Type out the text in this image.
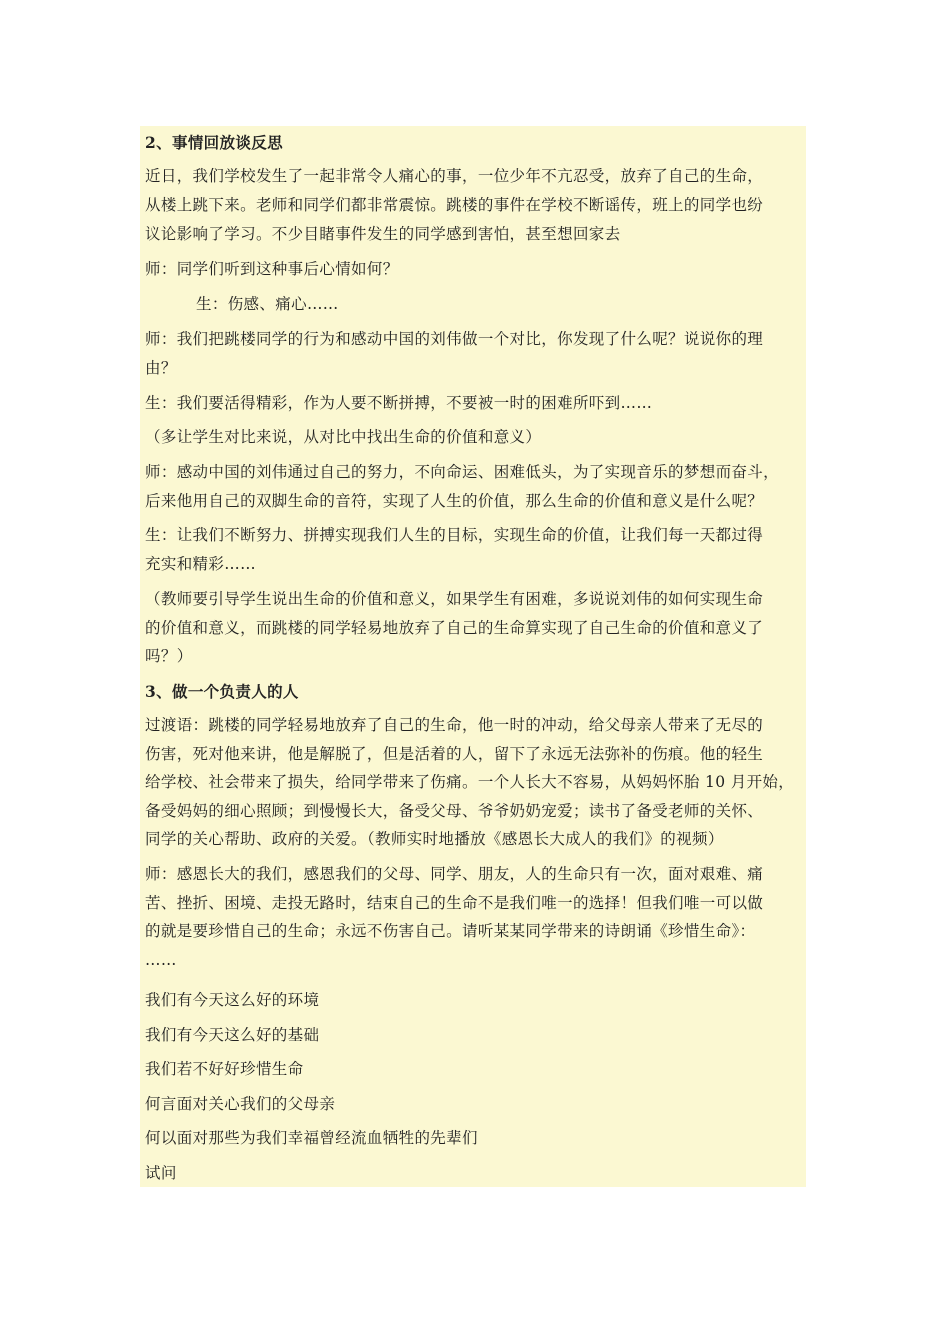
2、事情回放谈反思
近日，我们学校发生了一起非常令人痛心的事，一位少年不亢忍受，放弃了自己的生命，
从楼上跳下来。老师和同学们都非常震惊。跳楼的事件在学校不断谣传，班上的同学也纷
议论影响了学习。不少目睹事件发生的同学感到害怕，甚至想回家去
师：同学们听到这种事后心情如何？
生：伤感、痛心……
师：我们把跳楼同学的行为和感动中国的刘伟做一个对比，你发现了什么呢？说说你的理
由？
生：我们要活得精彩，作为人要不断拼搏，不要被一时的困难所吓到……
（多让学生对比来说，从对比中找出生命的价值和意义）
师：感动中国的刘伟通过自己的努力，不向命运、困难低头，为了实现音乐的梦想而奋斗，
后来他用自己的双脚生命的音符，实现了人生的价值，那么生命的价值和意义是什么呢？
生：让我们不断努力、拼搏实现我们人生的目标，实现生命的价值，让我们每一天都过得
充实和精彩……
（教师要引导学生说出生命的价值和意义，如果学生有困难，多说说刘伟的如何实现生命
的价值和意义，而跳楼的同学轻易地放弃了自己的生命算实现了自己生命的价值和意义了
吗？）
3、做一个负责人的人
过渡语：跳楼的同学轻易地放弃了自己的生命，他一时的冲动，给父母亲人带来了无尽的
伤害，死对他来讲，他是解脱了，但是活着的人，留下了永远无法弥补的伤痕。他的轻生
给学校、社会带来了损失，给同学带来了伤痛。一个人长大不容易，从妈妈怀胎 10 月开始，
备受妈妈的细心照顾；到慢慢长大，备受父母、爷爷奶奶宠爱；读书了备受老师的关怀、
同学的关心帮助、政府的关爱。（教师实时地播放《感恩长大成人的我们》的视频）
师：感恩长大的我们，感恩我们的父母、同学、朋友，人的生命只有一次，面对艰难、痛
苦、挫折、困境、走投无路时，结束自己的生命不是我们唯一的选择！但我们唯一可以做
的就是要珍惜自己的生命；永远不伤害自己。请听某某同学带来的诗朗诵《珍惜生命》：
……
我们有今天这么好的环境
我们有今天这么好的基础
我们若不好好珍惜生命
何言面对关心我们的父母亲
何以面对那些为我们幸福曾经流血牺牲的先辈们
试问
